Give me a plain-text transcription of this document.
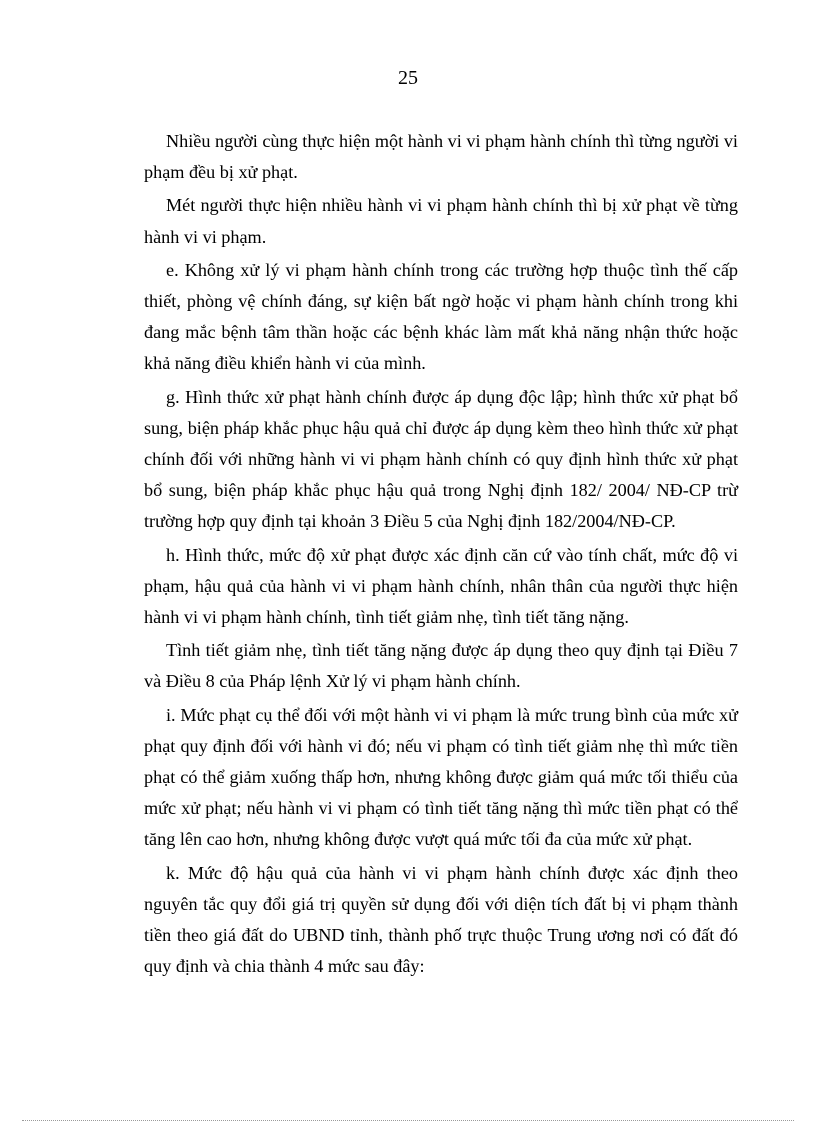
25

Nhiều người cùng thực hiện một hành vi vi phạm hành chính thì từng người vi phạm đều bị xử phạt.

Mét người thực hiện nhiều hành vi vi phạm hành chính thì bị xử phạt về từng hành vi vi phạm.

e. Không xử lý vi phạm hành chính trong các trường hợp thuộc tình thế cấp thiết, phòng vệ chính đáng, sự kiện bất ngờ hoặc vi phạm hành chính trong khi đang mắc bệnh tâm thần hoặc các bệnh khác làm mất khả năng nhận thức hoặc khả năng điều khiển hành vi của mình.

g. Hình thức xử phạt hành chính được áp dụng độc lập; hình thức xử phạt bổ sung, biện pháp khắc phục hậu quả chỉ được áp dụng kèm theo hình thức xử phạt chính đối với những hành vi vi phạm hành chính có quy định hình thức xử phạt bổ sung, biện pháp khắc phục hậu quả trong Nghị định 182/ 2004/ NĐ-CP trừ trường hợp quy định tại khoản 3 Điều 5 của Nghị định 182/2004/NĐ-CP.

h. Hình thức, mức độ xử phạt được xác định căn cứ vào tính chất, mức độ vi phạm, hậu quả của hành vi vi phạm hành chính, nhân thân của người thực hiện hành vi vi phạm hành chính, tình tiết giảm nhẹ, tình tiết tăng nặng.

Tình tiết giảm nhẹ, tình tiết tăng nặng được áp dụng theo quy định tại Điều 7 và Điều 8 của Pháp lệnh Xử lý vi phạm hành chính.

i. Mức phạt cụ thể đối với một hành vi vi phạm là mức trung bình của mức xử phạt quy định đối với hành vi đó; nếu vi phạm có tình tiết giảm nhẹ thì mức tiền phạt có thể giảm xuống thấp hơn, nhưng không được giảm quá mức tối thiểu của mức xử phạt; nếu hành vi vi phạm có tình tiết tăng nặng thì mức tiền phạt có thể tăng lên cao hơn, nhưng không được vượt quá mức tối đa của mức xử phạt.

k. Mức độ hậu quả của hành vi vi phạm hành chính được xác định theo nguyên tắc quy đổi giá trị quyền sử dụng đối với diện tích đất bị vi phạm thành tiền theo giá đất do UBND tỉnh, thành phố trực thuộc Trung ương nơi có đất đó quy định và chia thành 4 mức sau đây:
